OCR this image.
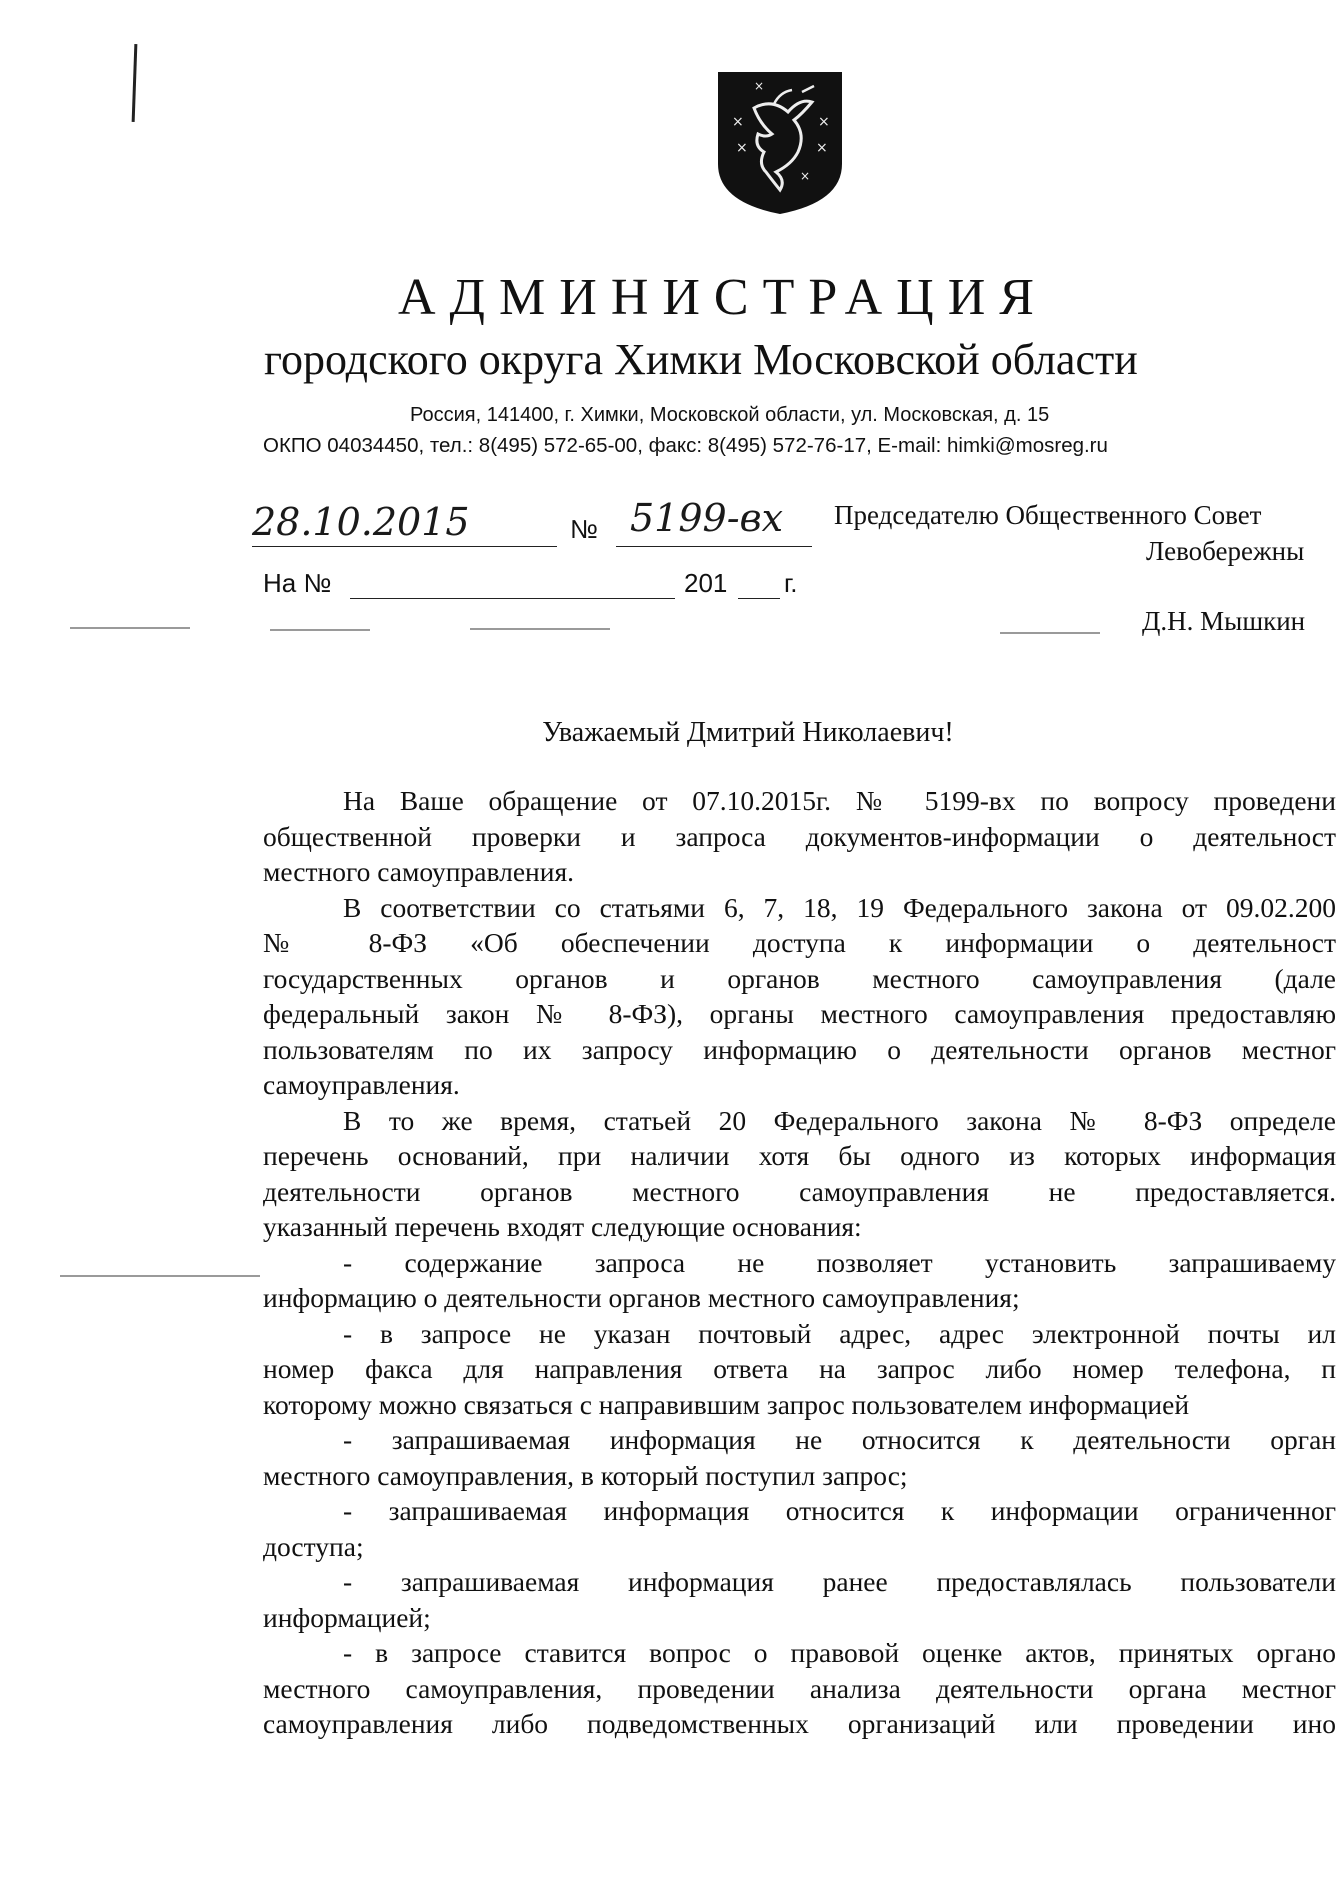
×
×
×
×
×
×
АДМИНИСТРАЦИЯ
городского округа Химки Московской области
Россия, 141400, г. Химки, Московской области, ул. Московская, д. 15
ОКПО 04034450, тел.: 8(495) 572-65-00, факс: 8(495) 572-76-17, E-mail: himki@mosreg.ru
28.10.2015	№ 5199-вх
На №	201 г.
Председателю Общественного Совет
Левобережны
Д.Н. Мышкин
Уважаемый Дмитрий Николаевич!

На Ваше обращение от 07.10.2015г. № 5199-вх по вопросу проведени
общественной проверки и запроса документов-информации о деятельност
местного самоуправления.

В соответствии со статьями 6, 7, 18, 19 Федерального закона от 09.02.200
№ 8-ФЗ «Об обеспечении доступа к информации о деятельност
государственных органов и органов местного самоуправления (дале
федеральный закон № 8-ФЗ), органы местного самоуправления предоставляю
пользователям по их запросу информацию о деятельности органов местног
самоуправления.

В то же время, статьей 20 Федерального закона № 8-ФЗ определе
перечень оснований, при наличии хотя бы одного из которых информация
деятельности органов местного самоуправления не предоставляется.
указанный перечень входят следующие основания:

- содержание запроса не позволяет установить запрашиваему
информацию о деятельности органов местного самоуправления;

- в запросе не указан почтовый адрес, адрес электронной почты ил
номер факса для направления ответа на запрос либо номер телефона, п
которому можно связаться с направившим запрос пользователем информацией

- запрашиваемая информация не относится к деятельности орган
местного самоуправления, в который поступил запрос;

- запрашиваемая информация относится к информации ограниченног
доступа;

- запрашиваемая информация ранее предоставлялась пользователи
информацией;

- в запросе ставится вопрос о правовой оценке актов, принятых органо
местного самоуправления, проведении анализа деятельности органа местног
самоуправления либо подведомственных организаций или проведении ино
